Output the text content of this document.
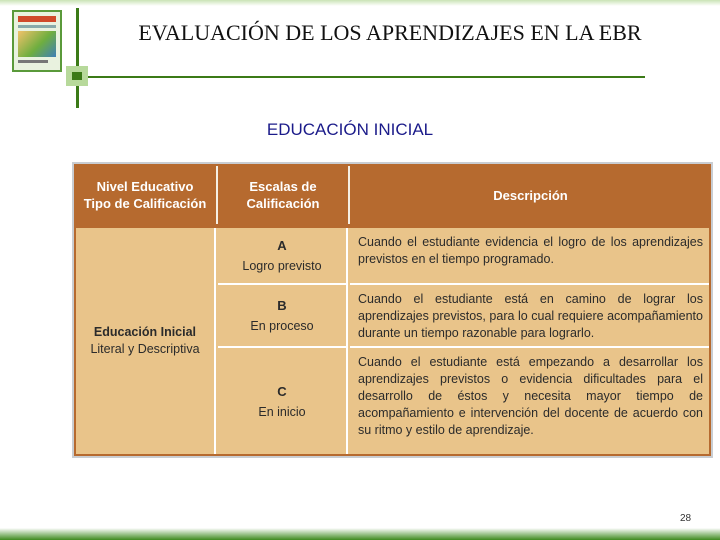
EVALUACIÓN DE LOS APRENDIZAJES EN LA EBR
EDUCACIÓN INICIAL
Nivel Educativo
Tipo de Calificación
Escalas de
Calificación
Descripción
Educación Inicial
Literal y Descriptiva
A
Logro previsto
Cuando el estudiante evidencia el logro de los aprendizajes previstos en el tiempo programado.
B
En proceso
Cuando el estudiante está en camino de lograr los aprendizajes previstos, para lo cual requiere acompañamiento durante un tiempo razonable para lograrlo.
C
En inicio
Cuando el estudiante está empezando a desarrollar los aprendizajes previstos o evidencia dificultades para el desarrollo de éstos y necesita mayor tiempo de acompañamiento e intervención del docente de acuerdo con su ritmo y estilo de aprendizaje.
28
